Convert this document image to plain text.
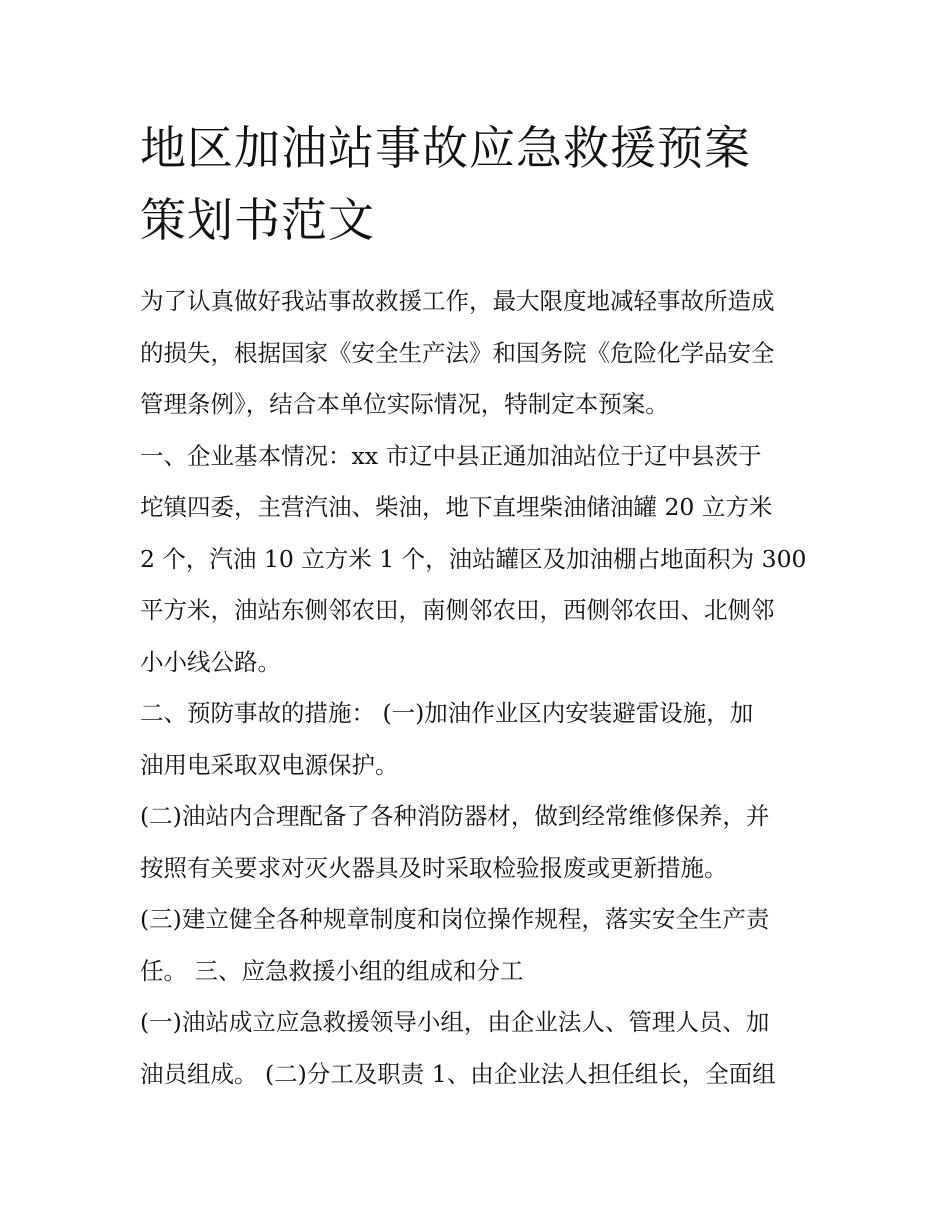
地区加油站事故应急救援预案
策划书范文
为了认真做好我站事故救援工作，最大限度地减轻事故所造成
的损失，根据国家《安全生产法》和国务院《危险化学品安全
管理条例》，结合本单位实际情况，特制定本预案。
一、企业基本情况：xx 市辽中县正通加油站位于辽中县茨于
坨镇四委，主营汽油、柴油，地下直埋柴油储油罐 20 立方米
2 个，汽油 10 立方米 1 个，油站罐区及加油棚占地面积为 300
平方米，油站东侧邻农田，南侧邻农田，西侧邻农田、北侧邻
小小线公路。
二、预防事故的措施： (一)加油作业区内安装避雷设施，加
油用电采取双电源保护。
(二)油站内合理配备了各种消防器材，做到经常维修保养，并
按照有关要求对灭火器具及时采取检验报废或更新措施。
(三)建立健全各种规章制度和岗位操作规程，落实安全生产责
任。 三、应急救援小组的组成和分工
(一)油站成立应急救援领导小组，由企业法人、管理人员、加
油员组成。 (二)分工及职责 1、由企业法人担任组长，全面组
